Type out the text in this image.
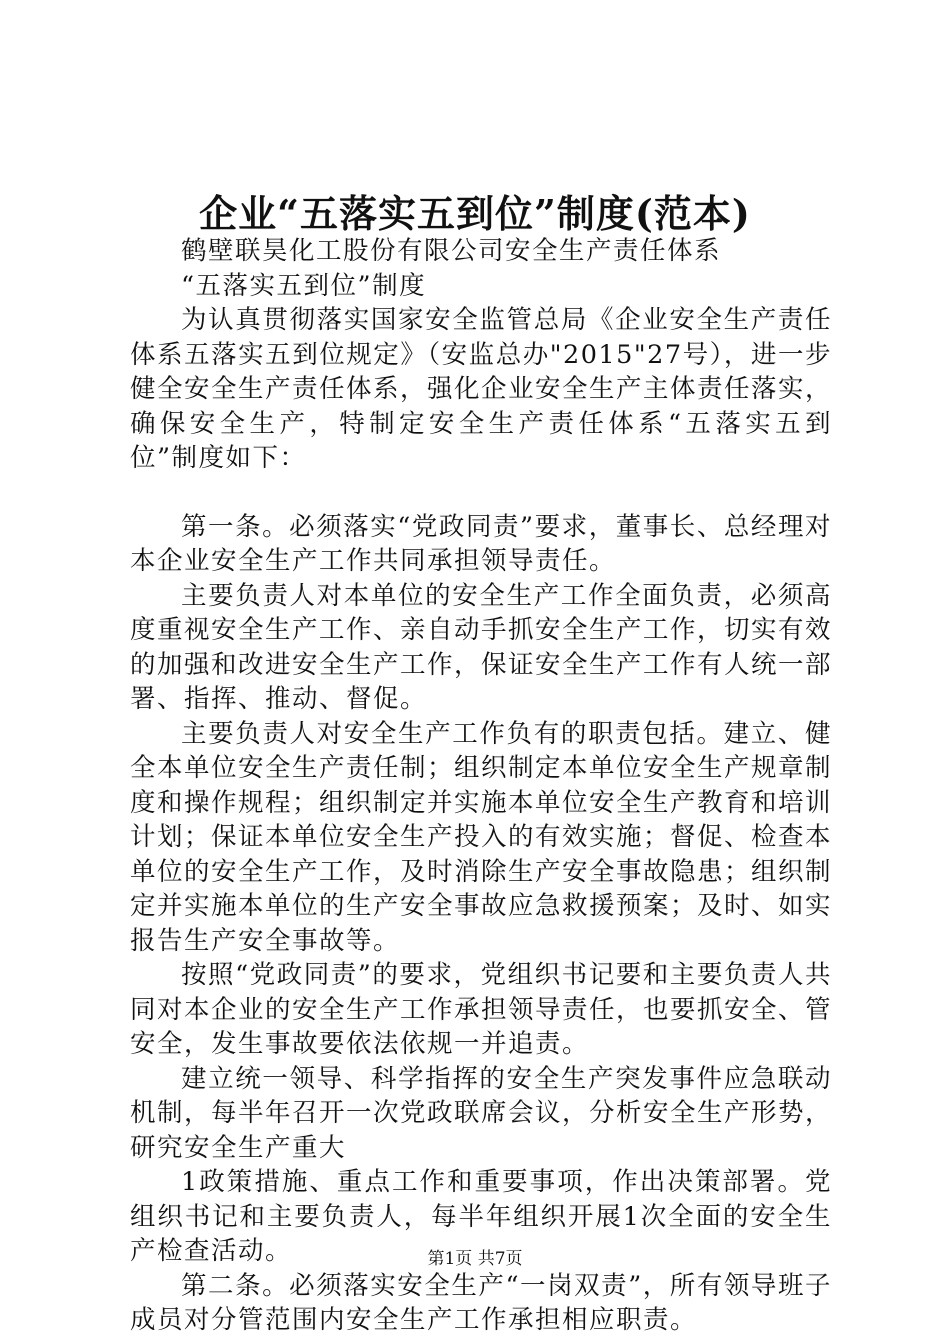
企业“五落实五到位”制度(范本)

鹤壁联昊化工股份有限公司安全生产责任体系

“五落实五到位”制度

为认真贯彻落实国家安全监管总局《企业安全生产责任体系五落实五到位规定》（安监总办"2015"27号），进一步健全安全生产责任体系，强化企业安全生产主体责任落实，确保安全生产，特制定安全生产责任体系“五落实五到位”制度如下：

第一条。必须落实“党政同责”要求，董事长、总经理对本企业安全生产工作共同承担领导责任。

主要负责人对本单位的安全生产工作全面负责，必须高度重视安全生产工作、亲自动手抓安全生产工作，切实有效的加强和改进安全生产工作，保证安全生产工作有人统一部署、指挥、推动、督促。

主要负责人对安全生产工作负有的职责包括。建立、健全本单位安全生产责任制；组织制定本单位安全生产规章制度和操作规程；组织制定并实施本单位安全生产教育和培训计划；保证本单位安全生产投入的有效实施；督促、检查本单位的安全生产工作，及时消除生产安全事故隐患；组织制定并实施本单位的生产安全事故应急救援预案；及时、如实报告生产安全事故等。

按照“党政同责”的要求，党组织书记要和主要负责人共同对本企业的安全生产工作承担领导责任，也要抓安全、管安全，发生事故要依法依规一并追责。

建立统一领导、科学指挥的安全生产突发事件应急联动机制，每半年召开一次党政联席会议，分析安全生产形势，研究安全生产重大

1政策措施、重点工作和重要事项，作出决策部署。党组织书记和主要负责人，每半年组织开展1次全面的安全生产检查活动。

第二条。必须落实安全生产“一岗双责”，所有领导班子成员对分管范围内安全生产工作承担相应职责。

第1页 共7页
